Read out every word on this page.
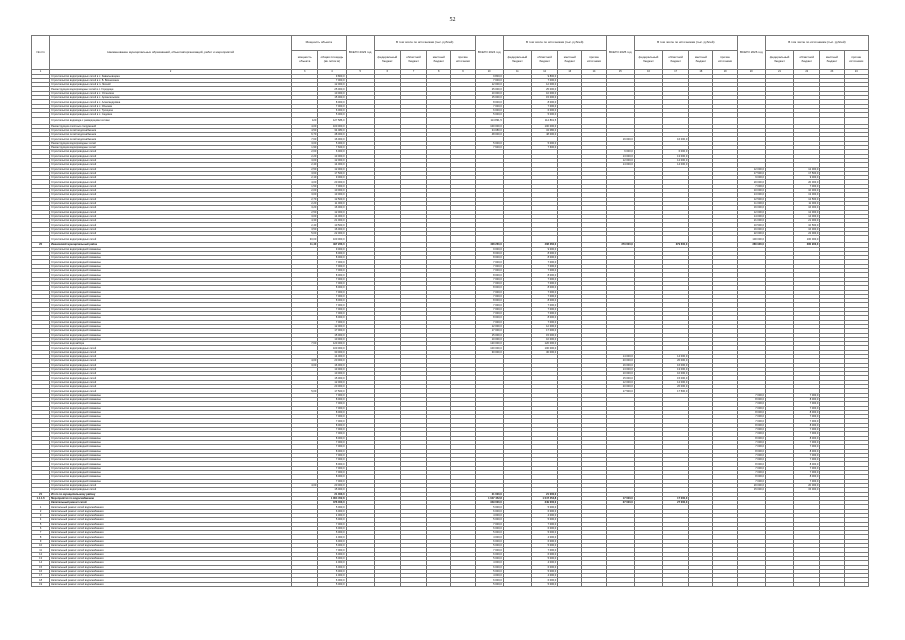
52
№ п/п	Наименование муниципальных образований, объектов/организаций, работ и мероприятий	Мощность объекта		ВСЕГО 2023 год	В том числе по источникам (тыс. рублей)				ВСЕГО 2024 год	В том числе по источникам (тыс. рублей)				ВСЕГО 2025 год	В том числе по источникам (тыс. рублей)				ВСЕГО 2026 год	В том числе по источникам (тыс. рублей)			
		мощность объекта	общая площадь (кв. м/пог.м)		федеральный бюджет	областной бюджет	местный бюджет	прочие источники		федеральный бюджет	областной бюджет	местный бюджет	прочие источники		федеральный бюджет	областной бюджет	местный бюджет	прочие источники		федеральный бюджет	областной бюджет	местный бюджет	прочие источники
1	2	3	4	5	6	7	8	9	10	11	12	13	14	15	16	17	18	19	20	21	22	23	24
	Строительство водопроводных сетей в с. Завальевщина		9 800,0						9 800,0		9 800,0												
	Строительство водопроводных сетей в с. Б. Вознесенка		7 000,0						7 000,0		7 000,0												
	Строительство водопроводных сетей в п. Лесной		12 000,0						12 000,0		12 000,0												
	Реконструкция водопроводных сетей в с. Городище		25 000,0						25 000,0		25 000,0												
	Строительство водопроводных сетей в с. Успенское		10 000,0						10 000,0		10 000,0												
	Строительство водопроводных сетей в с. Архангельское		15 000,0						15 000,0		15 000,0												
	Строительство водопроводных сетей в с. Александровка		8 000,0						8 000,0		8 000,0												
	Строительство водопроводных сетей в с. Ильинка		7 000,0						7 000,0		7 000,0												
	Строительство водопроводных сетей в с. Троицкое		6 000,0						6 000,0		6 000,0												
	Строительство водопроводных сетей в с. Садовое		5 000,0						5 000,0		5 000,0												
	Строительство водовода с разводящими сетями	120	127 586,0						114 891,5		114 891,5												
	Реконструкция очистных сооружений	4,00	100 000,0						100 000,0		100 000,0												
	Строительство сетей водоснабжения	4,50	34 080,0						34 080,0		34 080,0												
	Строительство сетей водоснабжения	6,70	48 000,0						48 000,0		48 000,0												
	Строительство сетей водоснабжения	7,60	16 000,0											16 000,0		16 000,0							
	Реконструкция водопроводных сетей	3,00	5 000,0						5 000,0		5 000,0												
	Реконструкция водопроводных сетей	1,90	7 600,0						7 600,0		7 600,0												
	Строительство водопроводных сетей	2,60	6 000,0											6 000,0		6 000,0							
	Строительство водопроводных сетей	2,20	13 000,0											13 000,0		13 000,0							
	Строительство водопроводных сетей	3,00	12 000,0											12 000,0		12 000,0							
	Строительство водопроводных сетей	2,40	14 000,0											14 000,0		14 000,0							
	Строительство водопроводных сетей	2,50	12 000,0																12 000,0		12 000,0		
	Строительство водопроводных сетей	3,60	17 500,0																17 500,0		17 500,0		
	Строительство водопроводных сетей	2,10	9 000,0																9 000,0		9 000,0		
	Строительство водопроводных сетей	4,00	20 000,0																20 000,0		20 000,0		
	Строительство водопроводных сетей	1,50	7 000,0																7 000,0		7 000,0		
	Строительство водопроводных сетей	2,00	10 000,0																10 000,0		10 000,0		
	Строительство водопроводных сетей	3,00	13 000,0																13 000,0		13 000,0		
	Строительство водопроводных сетей	2,70	12 500,0																12 500,0		12 500,0		
	Строительство водопроводных сетей	2,20	11 000,0																11 000,0		11 000,0		
	Строительство водопроводных сетей	3,20	16 000,0																16 000,0		16 000,0		
	Строительство водопроводных сетей	2,50	12 000,0																12 000,0		12 000,0		
	Строительство водопроводных сетей	3,00	14 000,0																14 000,0		14 000,0		
	Строительство водопроводных сетей	4,30	21 000,0																21 000,0		21 000,0		
	Строительство водопроводных сетей	2,40	10 500,0																10 500,0		10 500,0		
	Строительство водопроводных сетей	3,50	16 000,0																16 000,0		16 000,0		
	Строительство водопроводных сетей	5,00	22 000,0																22 000,0		22 000,0		
	Строительство водопроводных сетей	30,00	100 000,0																100 000,0		100 000,0		
20	Ивановский муниципальный район	11,40	497 260,0						408 260,0		408 260,0			379 600,0		379 600,0			380 900,0		380 900,0		
	Строительство водопроводной скважины		9 000,0						9 000,0		9 000,0												
	Строительство водопроводной скважины		8 000,0						8 000,0		8 000,0												
	Строительство водопроводной скважины		8 000,0						8 000,0		8 000,0												
	Строительство водопроводной скважины		7 000,0						7 000,0		7 000,0												
	Строительство водопроводной скважины		7 000,0						7 000,0		7 000,0												
	Строительство водопроводной скважины		7 000,0						7 000,0		7 000,0												
	Строительство водопроводной скважины		8 000,0						8 000,0		8 000,0												
	Строительство водопроводной скважины		7 000,0						7 000,0		7 000,0												
	Строительство водопроводной скважины		7 000,0						7 000,0		7 000,0												
	Строительство водопроводной скважины		8 000,0						8 000,0		8 000,0												
	Строительство водопроводной скважины		7 000,0						7 000,0		7 000,0												
	Строительство водопроводной скважины		7 000,0						7 000,0		7 000,0												
	Строительство водопроводной скважины		8 000,0						8 000,0		8 000,0												
	Строительство водопроводной скважины		7 000,0						7 000,0		7 000,0												
	Строительство водопроводной скважины		7 000,0						7 000,0		7 000,0												
	Строительство водопроводной скважины		7 000,0						7 000,0		7 000,0												
	Строительство водопроводной скважины		8 000,0						8 000,0		8 000,0												
	Строительство водопроводной скважины		7 000,0						7 000,0		7 000,0												
	Строительство водопроводной скважины		12 000,0						12 000,0		12 000,0												
	Строительство водопроводной скважины		17 000,0						17 000,0		17 000,0												
	Строительство водопроводной скважины		15 000,0						15 000,0		15 000,0												
	Строительство водопроводной скважины		10 000,0						10 000,0		10 000,0												
	Строительство водозабора	7,60	120 000,0						120 000,0		120 000,0												
	Строительство водопроводных сетей		100 000,0						100 000,0		100 000,0												
	Строительство водопроводных сетей		30 000,0						30 000,0		30 000,0												
	Строительство водопроводных сетей		14 000,0											14 000,0		14 000,0							
	Строительство водопроводных сетей	4,00	20 000,0											20 000,0		20 000,0							
	Строительство водопроводных сетей	3,00	16 000,0											16 000,0		16 000,0							
	Строительство водопроводных сетей		13 000,0											13 000,0		13 000,0							
	Строительство водопроводных сетей		10 000,0											10 000,0		10 000,0							
	Строительство водопроводных сетей		15 000,0											15 000,0		15 000,0							
	Строительство водопроводных сетей		12 000,0											12 000,0		12 000,0							
	Строительство водопроводных сетей		20 000,0											20 000,0		20 000,0							
	Строительство водопроводных сетей	5,00	17 500,0											17 500,0		17 500,0							
	Строительство водопроводной скважины		7 000,0																7 000,0		7 000,0		
	Строительство водопроводной скважины		8 000,0																8 000,0		8 000,0		
	Строительство водопроводной скважины		7 000,0																7 000,0		7 000,0		
	Строительство водопроводной скважины		7 000,0																7 000,0		7 000,0		
	Строительство водопроводной скважины		8 000,0																8 000,0		8 000,0		
	Строительство водопроводной скважины		7 000,0																7 000,0		7 000,0		
	Строительство водопроводной скважины		7 000,0																7 000,0		7 000,0		
	Строительство водопроводной скважины		8 000,0																8 000,0		8 000,0		
	Строительство водопроводной скважины		7 000,0																7 000,0		7 000,0		
	Строительство водопроводной скважины		7 000,0																7 000,0		7 000,0		
	Строительство водопроводной скважины		8 000,0																8 000,0		8 000,0		
	Строительство водопроводной скважины		7 000,0																7 000,0		7 000,0		
	Строительство водопроводной скважины		7 000,0																7 000,0		7 000,0		
	Строительство водопроводной скважины		8 000,0																8 000,0		8 000,0		
	Строительство водопроводной скважины		7 000,0																7 000,0		7 000,0		
	Строительство водопроводной скважины		7 000,0																7 000,0		7 000,0		
	Строительство водопроводной скважины		8 000,0																8 000,0		8 000,0		
	Строительство водопроводной скважины		7 000,0																7 000,0		7 000,0		
	Строительство водопроводной скважины		7 000,0																7 000,0		7 000,0		
	Строительство водопроводной скважины		8 000,0																8 000,0		8 000,0		
	Строительство водопроводной скважины		7 000,0																7 000,0		7 000,0		
	Строительство водопроводных сетей	4,00	20 000,0																20 000,0		20 000,0		
	Строительство водопроводных сетей		15 000,0																15 000,0		15 000,0		
21	Итого по муниципальному району		21 000,0						21 000,0		21 000,0												
1.1.1.6	Мероприятия по водоснабжению		1 064 452,8						1 047 452,8		1 047 452,8			17 000,0		17 000,0							
	Капитальный ремонт сетей		376 000,0						349 000,0		349 000,0			27 000,0		27 000,0							
1	Капитальный ремонт сетей водоснабжения		5 000,0						5 000,0		5 000,0												
2	Капитальный ремонт сетей водоснабжения		6 000,0						6 000,0		6 000,0												
3	Капитальный ремонт сетей водоснабжения		4 000,0						4 000,0		4 000,0												
4	Капитальный ремонт сетей водоснабжения		5 000,0						5 000,0		5 000,0												
5	Капитальный ремонт сетей водоснабжения		7 000,0						7 000,0		7 000,0												
6	Капитальный ремонт сетей водоснабжения		6 000,0						6 000,0		6 000,0												
7	Капитальный ремонт сетей водоснабжения		5 000,0						5 000,0		5 000,0												
8	Капитальный ремонт сетей водоснабжения		4 000,0						4 000,0		4 000,0												
9	Капитальный ремонт сетей водоснабжения		6 000,0						6 000,0		6 000,0												
10	Капитальный ремонт сетей водоснабжения		5 000,0						5 000,0		5 000,0												
11	Капитальный ремонт сетей водоснабжения		7 000,0						7 000,0		7 000,0												
12	Капитальный ремонт сетей водоснабжения		6 000,0						6 000,0		6 000,0												
13	Капитальный ремонт сетей водоснабжения		5 000,0						5 000,0		5 000,0												
14	Капитальный ремонт сетей водоснабжения		4 000,0						4 000,0		4 000,0												
15	Капитальный ремонт сетей водоснабжения		6 000,0						6 000,0		6 000,0												
16	Капитальный ремонт сетей водоснабжения		5 000,0						5 000,0		5 000,0												
17	Капитальный ремонт сетей водоснабжения		4 000,0						4 000,0		4 000,0												
18	Капитальный ремонт сетей водоснабжения		6 000,0						6 000,0		6 000,0												
19	Капитальный ремонт сетей водоснабжения		5 000,0						5 000,0		5 000,0												
